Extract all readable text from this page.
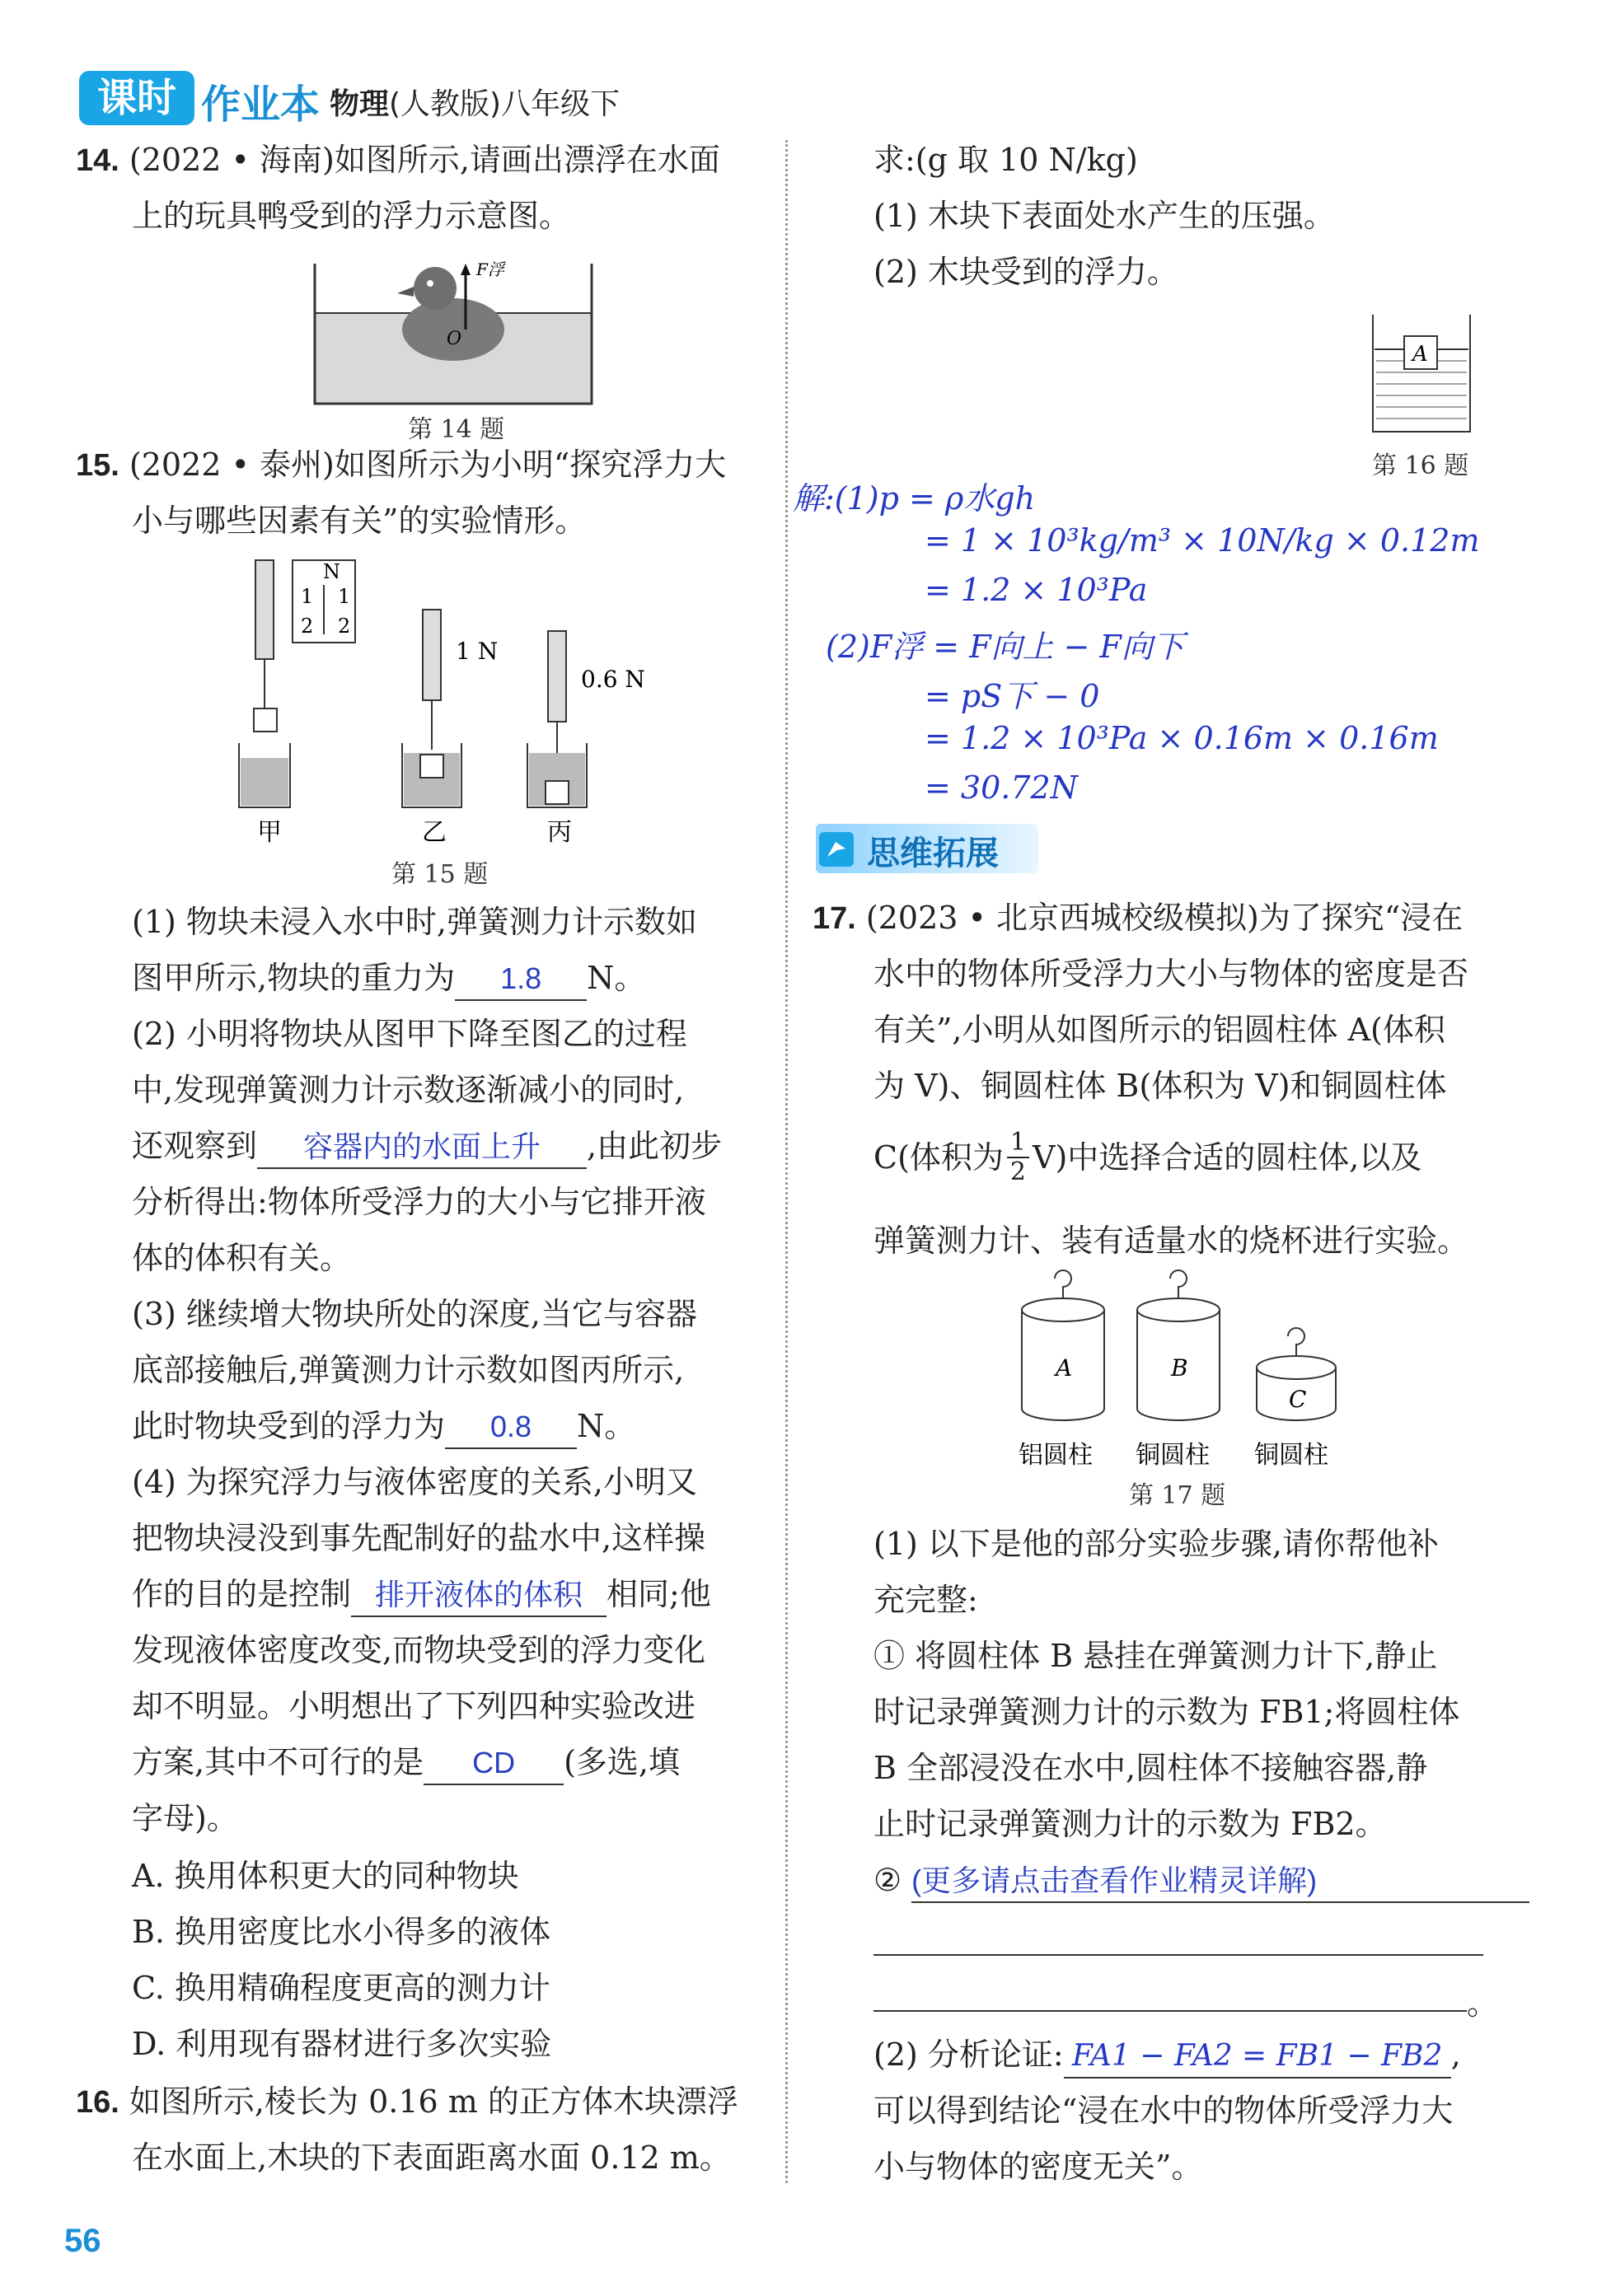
课时 作业本 物理(人教版)八年级下
14. (2022 • 海南)如图所示,请画出漂浮在水面
上的玩具鸭受到的浮力示意图。
F浮
O
第 14 题
15. (2022 • 泰州)如图所示为小明“探究浮力大
小与哪些因素有关”的实验情形。
N
1 1
2 2
甲
1 N
乙
0.6 N
丙
第 15 题
(1) 物块未浸入水中时,弹簧测力计示数如
图甲所示,物块的重力为 1.8 N。
(2) 小明将物块从图甲下降至图乙的过程
中,发现弹簧测力计示数逐渐减小的同时,
还观察到 容器内的水面上升 ,由此初步
分析得出:物体所受浮力的大小与它排开液
体的体积有关。
(3) 继续增大物块所处的深度,当它与容器
底部接触后,弹簧测力计示数如图丙所示,
此时物块受到的浮力为 0.8 N。
(4) 为探究浮力与液体密度的关系,小明又
把物块浸没到事先配制好的盐水中,这样操
作的目的是控制 排开液体的体积 相同;他
发现液体密度改变,而物块受到的浮力变化
却不明显。小明想出了下列四种实验改进
方案,其中不可行的是 CD (多选,填
字母)。
A. 换用体积更大的同种物块
B. 换用密度比水小得多的液体
C. 换用精确程度更高的测力计
D. 利用现有器材进行多次实验
16. 如图所示,棱长为 0.16 m 的正方体木块漂浮
在水面上,木块的下表面距离水面 0.12 m。
求:(g 取 10 N/kg)
(1) 木块下表面处水产生的压强。
(2) 木块受到的浮力。
A
第 16 题
解:(1)p = ρ水gh
= 1 × 10³kg/m³ × 10N/kg × 0.12m
= 1.2 × 10³Pa
(2)F浮 = F向上 − F向下
= pS下 − 0
= 1.2 × 10³Pa × 0.16m × 0.16m
= 30.72N
思维拓展
17. (2023 • 北京西城校级模拟)为了探究“浸在
水中的物体所受浮力大小与物体的密度是否
有关”,小明从如图所示的铝圆柱体 A(体积
为 V)、铜圆柱体 B(体积为 V)和铜圆柱体
C(体积为 1
2 V)中选择合适的圆柱体,以及
弹簧测力计、装有适量水的烧杯进行实验。
A	B
C
铝圆柱 铜圆柱 铜圆柱
第 17 题
(1) 以下是他的部分实验步骤,请你帮他补
充完整:
① 将圆柱体 B 悬挂在弹簧测力计下,静止
时记录弹簧测力计的示数为 FB1;将圆柱体
B 全部浸没在水中,圆柱体不接触容器,静
止时记录弹簧测力计的示数为 FB2。
② (更多请点击查看作业精灵详解)
。
(2) 分析论证: FA1 − FA2 = FB1 − FB2 ,
可以得到结论“浸在水中的物体所受浮力大
小与物体的密度无关”。
56
